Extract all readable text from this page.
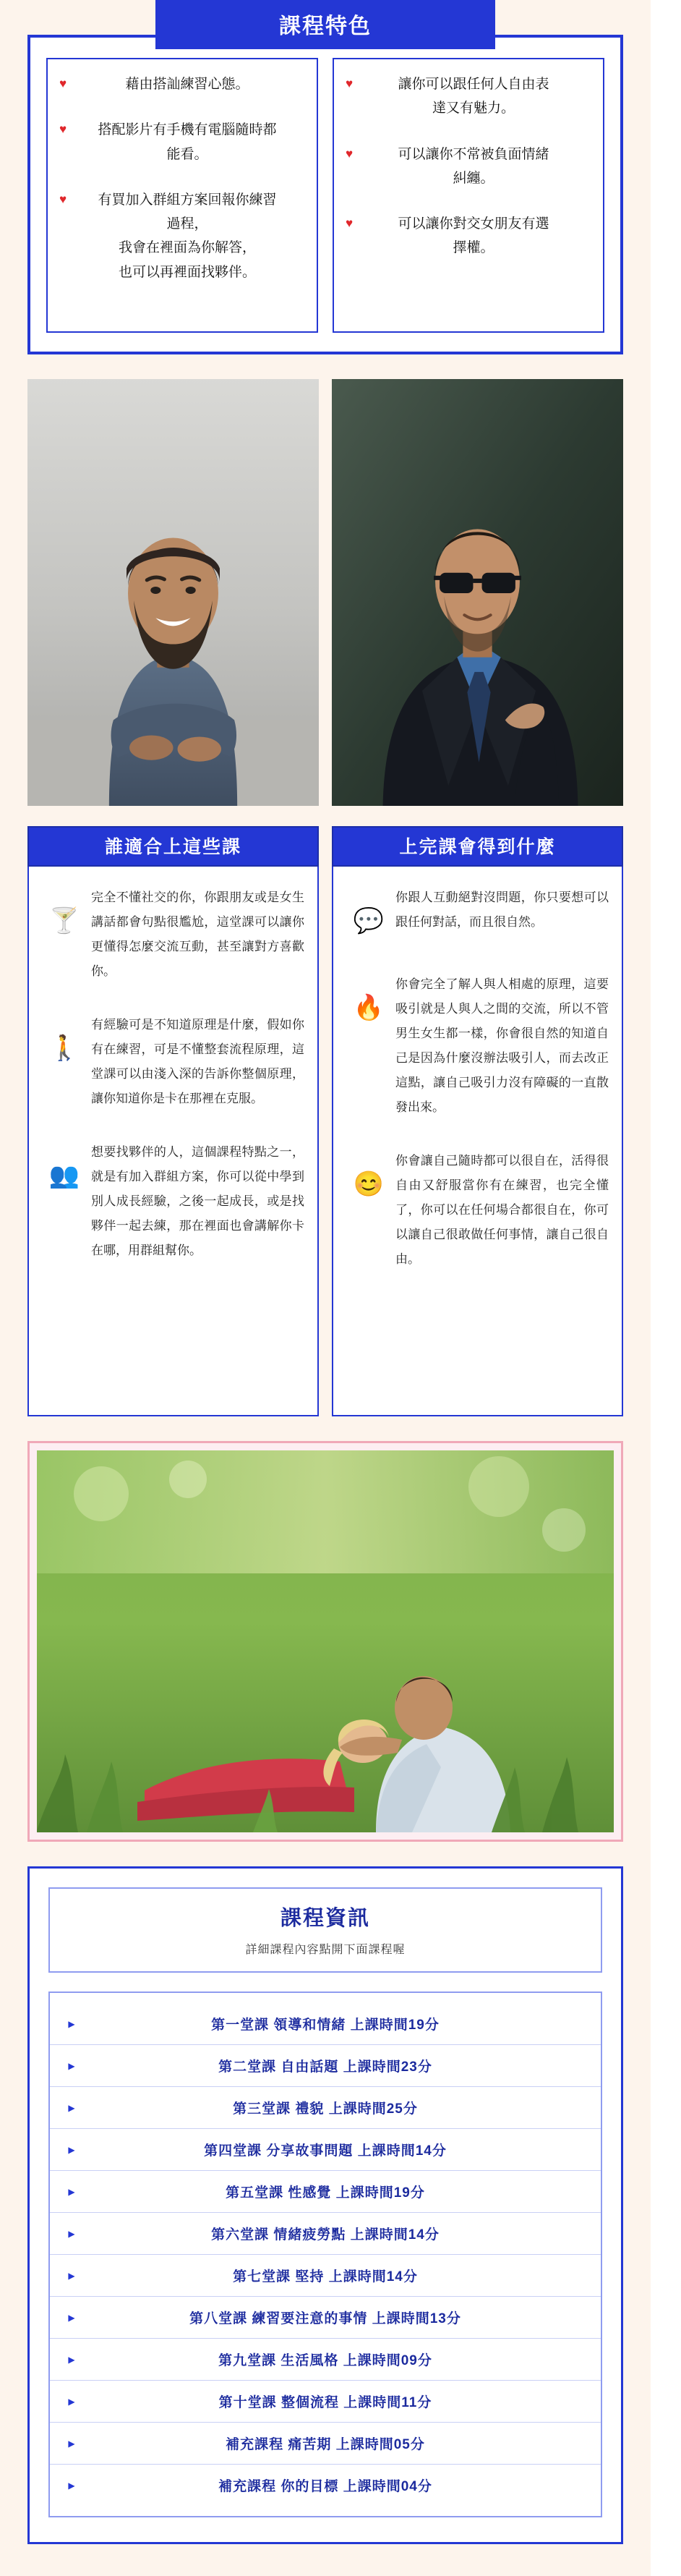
課程特色
♥	藉由搭訕練習心態。
♥	搭配影片有手機有電腦隨時都
能看。
♥	有買加入群組方案回報你練習
過程，
我會在裡面為你解答，
也可以再裡面找夥伴。
♥	讓你可以跟任何人自由表
達又有魅力。
♥	可以讓你不常被負面情緒
糾纏。
♥	可以讓你對交女朋友有選
擇權。
誰適合上這些課
🍸
完全不懂社交的你，你跟朋友或是女生講話都會句點很尷尬，這堂課可以讓你更懂得怎麼交流互動，甚至讓對方喜歡你。
🚶
有經驗可是不知道原理是什麼，假如你有在練習，可是不懂整套流程原理，這堂課可以由淺入深的告訴你整個原理，讓你知道你是卡在那裡在克服。
👥
想要找夥伴的人，這個課程特點之一，就是有加入群組方案，你可以從中學到別人成長經驗，之後一起成長，或是找夥伴一起去練，那在裡面也會講解你卡在哪，用群組幫你。
上完課會得到什麼
💬
你跟人互動絕對沒問題，你只要想可以跟任何對話，而且很自然。
🔥
你會完全了解人與人相處的原理，這要吸引就是人與人之間的交流，所以不管男生女生都一樣，你會很自然的知道自己是因為什麼沒辦法吸引人，而去改正這點，讓自己吸引力沒有障礙的一直散發出來。
😊
你會讓自己隨時都可以很自在，活得很自由又舒服當你有在練習，也完全懂了，你可以在任何場合都很自在，你可以讓自己很敢做任何事情，讓自己很自由。
課程資訊
詳細課程內容點開下面課程喔
▶	第一堂課 領導和情緒 上課時間19分
▶	第二堂課 自由話題 上課時間23分
▶	第三堂課 禮貌 上課時間25分
▶	第四堂課 分享故事問題 上課時間14分
▶	第五堂課 性感覺 上課時間19分
▶	第六堂課 情緒疲勞點 上課時間14分
▶	第七堂課 堅持 上課時間14分
▶	第八堂課 練習要注意的事情 上課時間13分
▶	第九堂課 生活風格 上課時間09分
▶	第十堂課 整個流程 上課時間11分
▶	補充課程 痛苦期 上課時間05分
▶	補充課程 你的目標 上課時間04分
